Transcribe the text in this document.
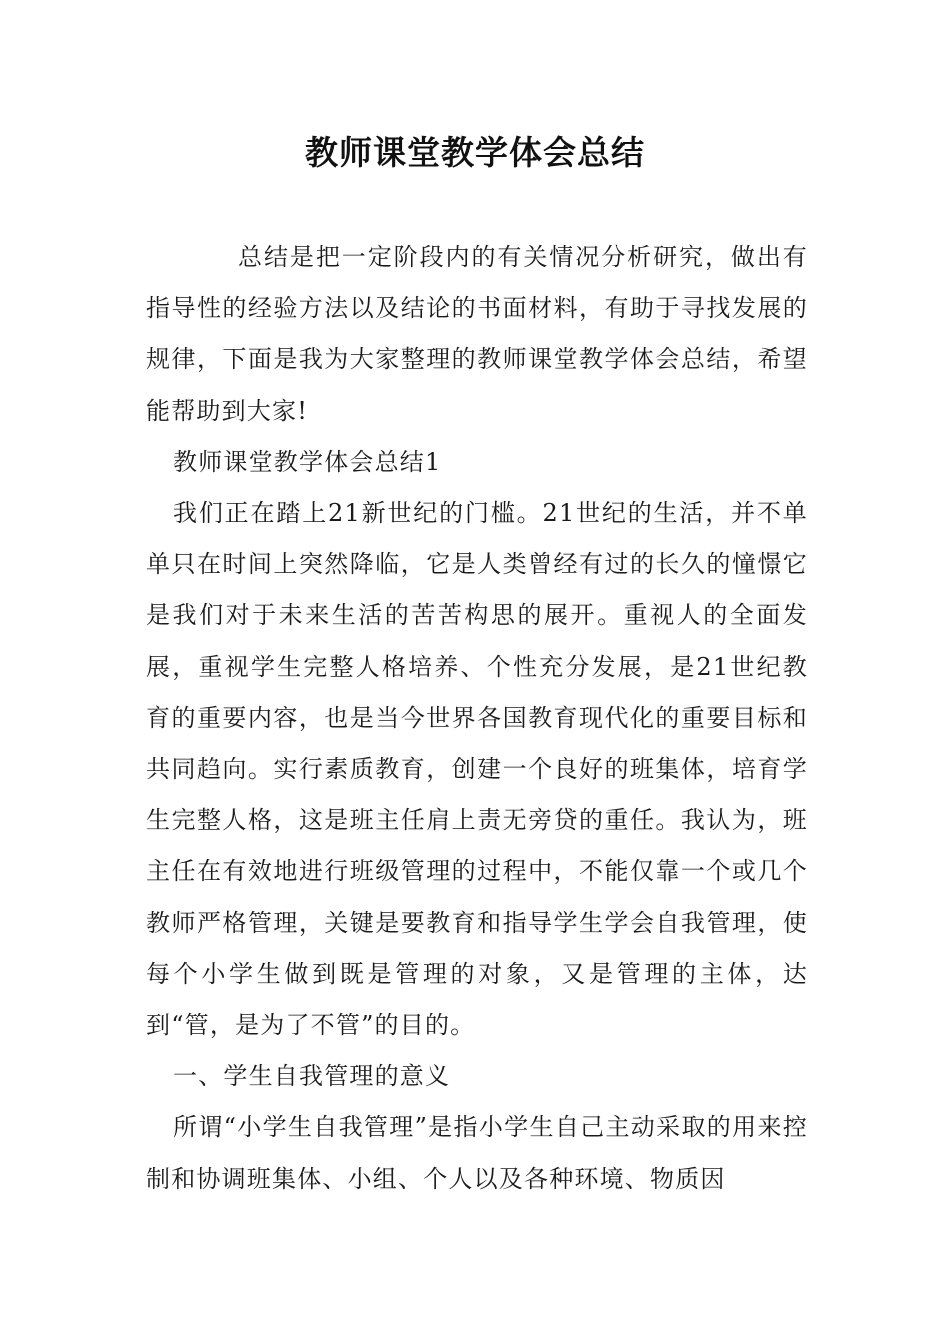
教师课堂教学体会总结

总结是把一定阶段内的有关情况分析研究，做出有指导性的经验方法以及结论的书面材料，有助于寻找发展的规律，下面是我为大家整理的教师课堂教学体会总结，希望能帮助到大家!

教师课堂教学体会总结1

我们正在踏上21新世纪的门槛。21世纪的生活，并不单单只在时间上突然降临，它是人类曾经有过的长久的憧憬它是我们对于未来生活的苦苦构思的展开。重视人的全面发展，重视学生完整人格培养、个性充分发展，是21世纪教育的重要内容，也是当今世界各国教育现代化的重要目标和共同趋向。实行素质教育，创建一个良好的班集体，培育学生完整人格，这是班主任肩上责无旁贷的重任。我认为，班主任在有效地进行班级管理的过程中，不能仅靠一个或几个教师严格管理，关键是要教育和指导学生学会自我管理，使每个小学生做到既是管理的对象，又是管理的主体，达到“管，是为了不管”的目的。

一、学生自我管理的意义

所谓“小学生自我管理”是指小学生自己主动采取的用来控制和协调班集体、小组、个人以及各种环境、物质因
